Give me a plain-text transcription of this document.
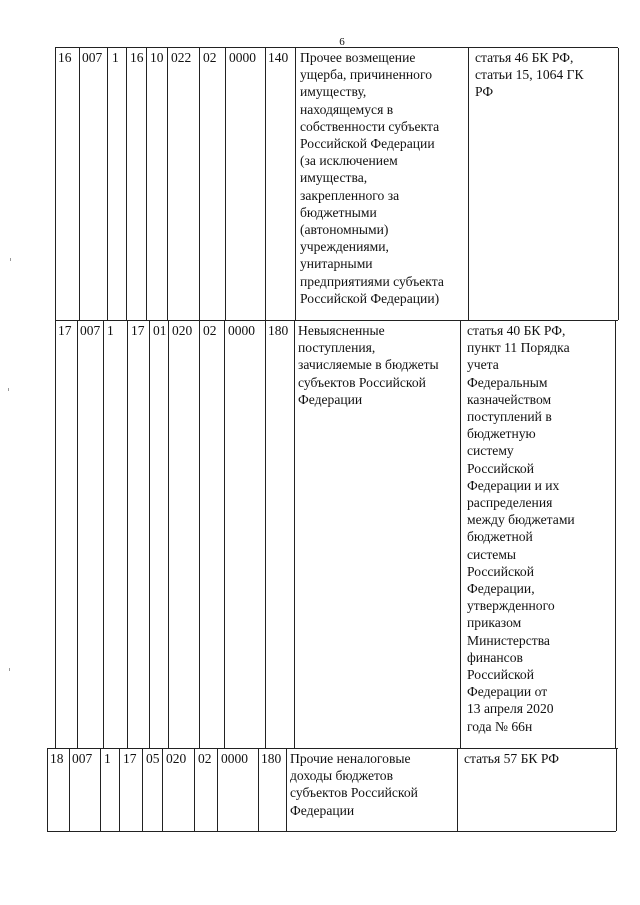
6
16 007 1 16 10 022 02 0000 140 Прочее возмещение
ущерба, причиненного
имуществу,
находящемуся в
собственности субъекта
Российской Федерации
(за исключением
имущества,
закрепленного за
бюджетными
(автономными)
учреждениями,
унитарными
предприятиями субъекта
Российской Федерации)
статья 46 БК РФ,
статьи 15, 1064 ГК
РФ
17 007 1 17 01 020 02 0000 180 Невыясненные
поступления,
зачисляемые в бюджеты
субъектов Российской
Федерации
статья 40 БК РФ,
пункт 11 Порядка
учета
Федеральным
казначейством
поступлений в
бюджетную
систему
Российской
Федерации и их
распределения
между бюджетами
бюджетной
системы
Российской
Федерации,
утвержденного
приказом
Министерства
финансов
Российской
Федерации от
13 апреля 2020
года № 66н
18 007 1 17 05 020 02 0000 180 Прочие неналоговые
доходы бюджетов
субъектов Российской
Федерации
статья 57 БК РФ
